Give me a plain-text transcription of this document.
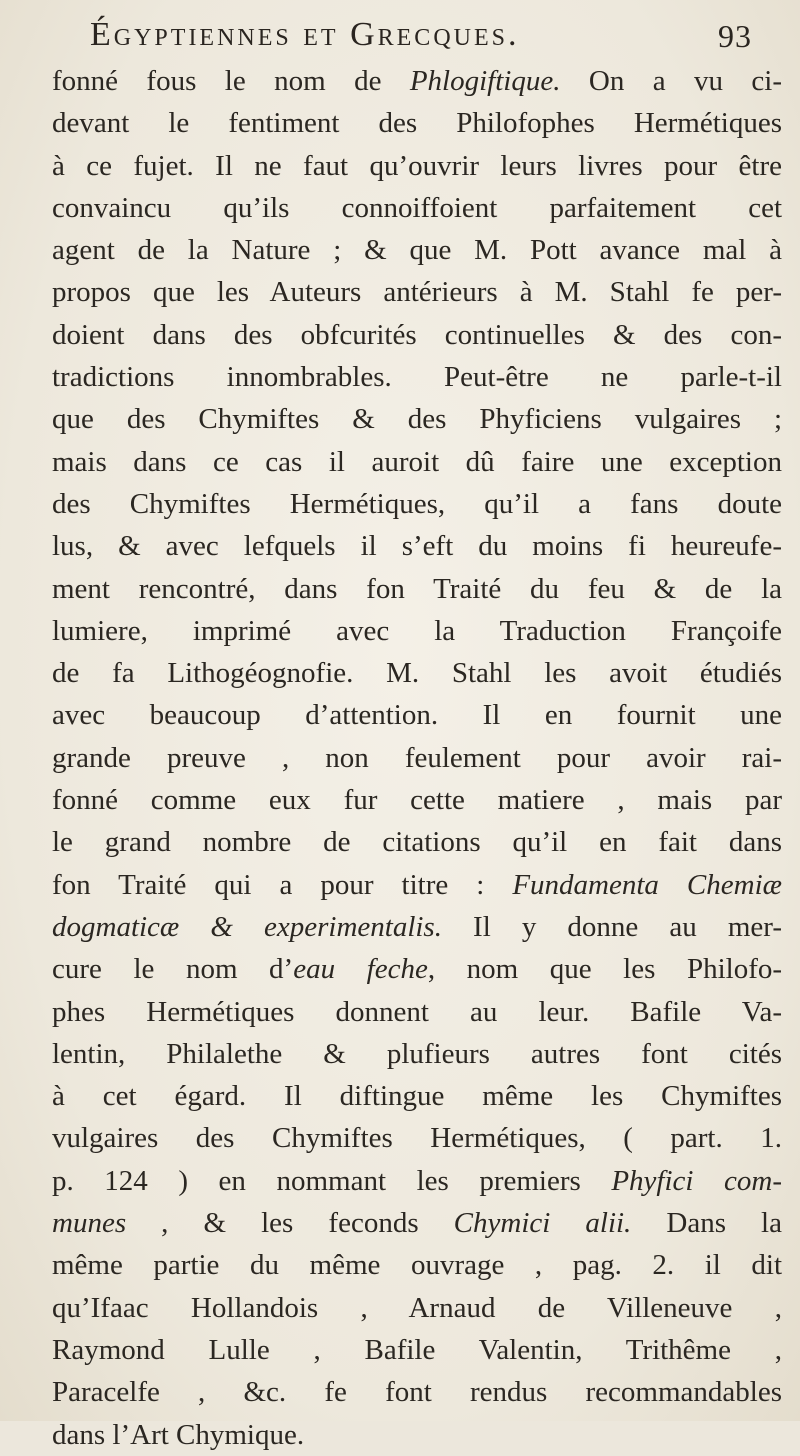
Égyptiennes et Grecques.	93
fonné fous le nom de Phlogiftique. On a vu ci-
devant le fentiment des Philofophes Hermétiques
à ce fujet. Il ne faut qu’ouvrir leurs livres pour être
convaincu qu’ils connoiffoient parfaitement cet
agent de la Nature ; & que M. Pott avance mal à
propos que les Auteurs antérieurs à M. Stahl fe per-
doient dans des obfcurités continuelles & des con-
tradictions innombrables. Peut-être ne parle-t-il
que des Chymiftes & des Phyficiens vulgaires ;
mais dans ce cas il auroit dû faire une exception
des Chymiftes Hermétiques, qu’il a fans doute
lus, & avec lefquels il s’eft du moins fi heureufe-
ment rencontré, dans fon Traité du feu & de la
lumiere, imprimé avec la Traduction Françoife
de fa Lithogéognofie. M. Stahl les avoit étudiés
avec beaucoup d’attention. Il en fournit une
grande preuve , non feulement pour avoir rai-
fonné comme eux fur cette matiere , mais par
le grand nombre de citations qu’il en fait dans
fon Traité qui a pour titre : Fundamenta Chemiæ
dogmaticæ & experimentalis. Il y donne au mer-
cure le nom d’eau feche, nom que les Philofo-
phes Hermétiques donnent au leur. Bafile Va-
lentin, Philalethe & plufieurs autres font cités
à cet égard. Il diftingue même les Chymiftes
vulgaires des Chymiftes Hermétiques, ( part. 1.
p. 124 ) en nommant les premiers Phyfici com-
munes , & les feconds Chymici alii. Dans la
même partie du même ouvrage , pag. 2. il dit
qu’Ifaac Hollandois , Arnaud de Villeneuve ,
Raymond Lulle , Bafile Valentin, Trithême ,
Paracelfe , &c. fe font rendus recommandables
dans l’Art Chymique.
